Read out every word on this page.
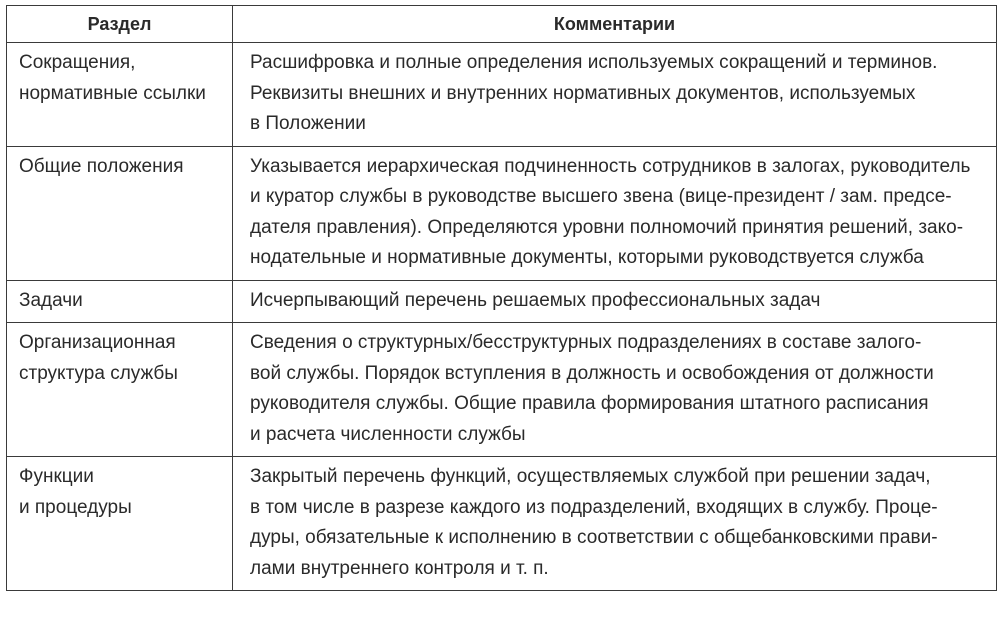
Раздел	Комментарии

Сокращения,
нормативные ссылки	Расшифровка и полные определения используемых сокращений и терминов.
Реквизиты внешних и внутренних нормативных документов, используемых
в Положении

Общие положения	Указывается иерархическая подчиненность сотрудников в залогах, руководитель
и куратор службы в руководстве высшего звена (вице-президент / зам. предсе-
дателя правления). Определяются уровни полномочий принятия решений, зако-
нодательные и нормативные документы, которыми руководствуется служба

Задачи	Исчерпывающий перечень решаемых профессиональных задач

Организационная
структура службы	Сведения о структурных/бесструктурных подразделениях в составе залого-
вой службы. Порядок вступления в должность и освобождения от должности
руководителя службы. Общие правила формирования штатного расписания
и расчета численности службы

Функции
и процедуры	Закрытый перечень функций, осуществляемых службой при решении задач,
в том числе в разрезе каждого из подразделений, входящих в службу. Проце-
дуры, обязательные к исполнению в соответствии с общебанковскими прави-
лами внутреннего контроля и т. п.
